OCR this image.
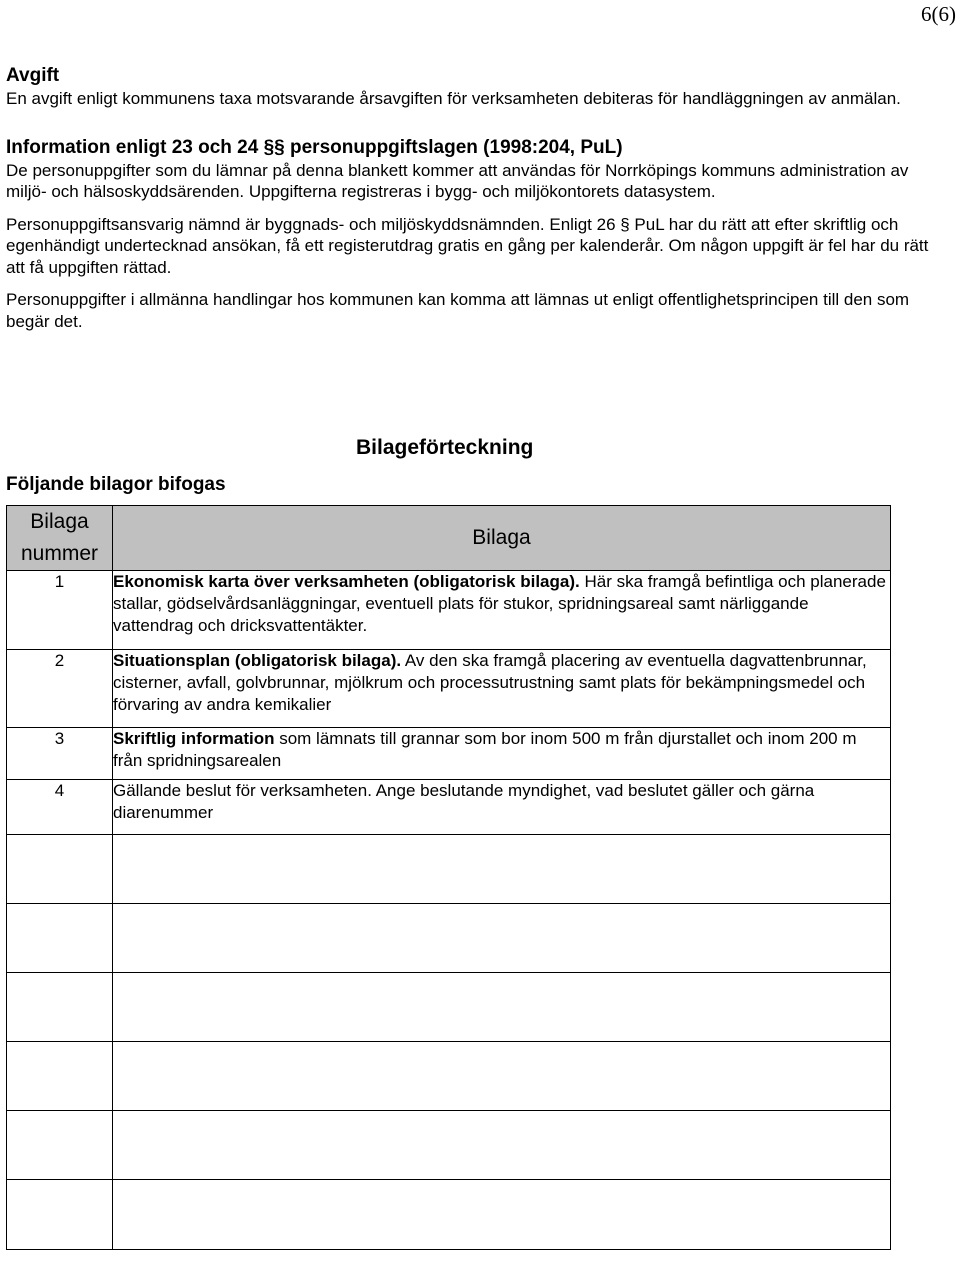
6(6)
Avgift

En avgift enligt kommunens taxa motsvarande årsavgiften för verksamheten debiteras för handläggningen av anmälan.

Information enligt 23 och 24 §§ personuppgiftslagen (1998:204, PuL)

De personuppgifter som du lämnar på denna blankett kommer att användas för Norrköpings kommuns administration av miljö- och hälsoskyddsärenden. Uppgifterna registreras i bygg- och miljökontorets datasystem.

Personuppgiftsansvarig nämnd är byggnads- och miljöskyddsnämnden. Enligt 26 § PuL har du rätt att efter skriftlig och egenhändigt undertecknad ansökan, få ett registerutdrag gratis en gång per kalenderår. Om någon uppgift är fel har du rätt att få uppgiften rättad.

Personuppgifter i allmänna handlingar hos kommunen kan komma att lämnas ut enligt offentlighetsprincipen till den som begär det.

Bilageförteckning
Följande bilagor bifogas
Bilaga nummer	Bilaga
1	Ekonomisk karta över verksamheten (obligatorisk bilaga). Här ska framgå befintliga och planerade stallar, gödselvårdsanläggningar, eventuell plats för stukor, spridningsareal samt närliggande vattendrag och dricksvattentäkter.
2	Situationsplan (obligatorisk bilaga). Av den ska framgå placering av eventuella dagvattenbrunnar, cisterner, avfall, golvbrunnar, mjölkrum och processutrustning samt plats för bekämpningsmedel och förvaring av andra kemikalier
3	Skriftlig information som lämnats till grannar som bor inom 500 m från djurstallet och inom 200 m från spridningsarealen
4	Gällande beslut för verksamheten. Ange beslutande myndighet, vad beslutet gäller och gärna diarenummer
